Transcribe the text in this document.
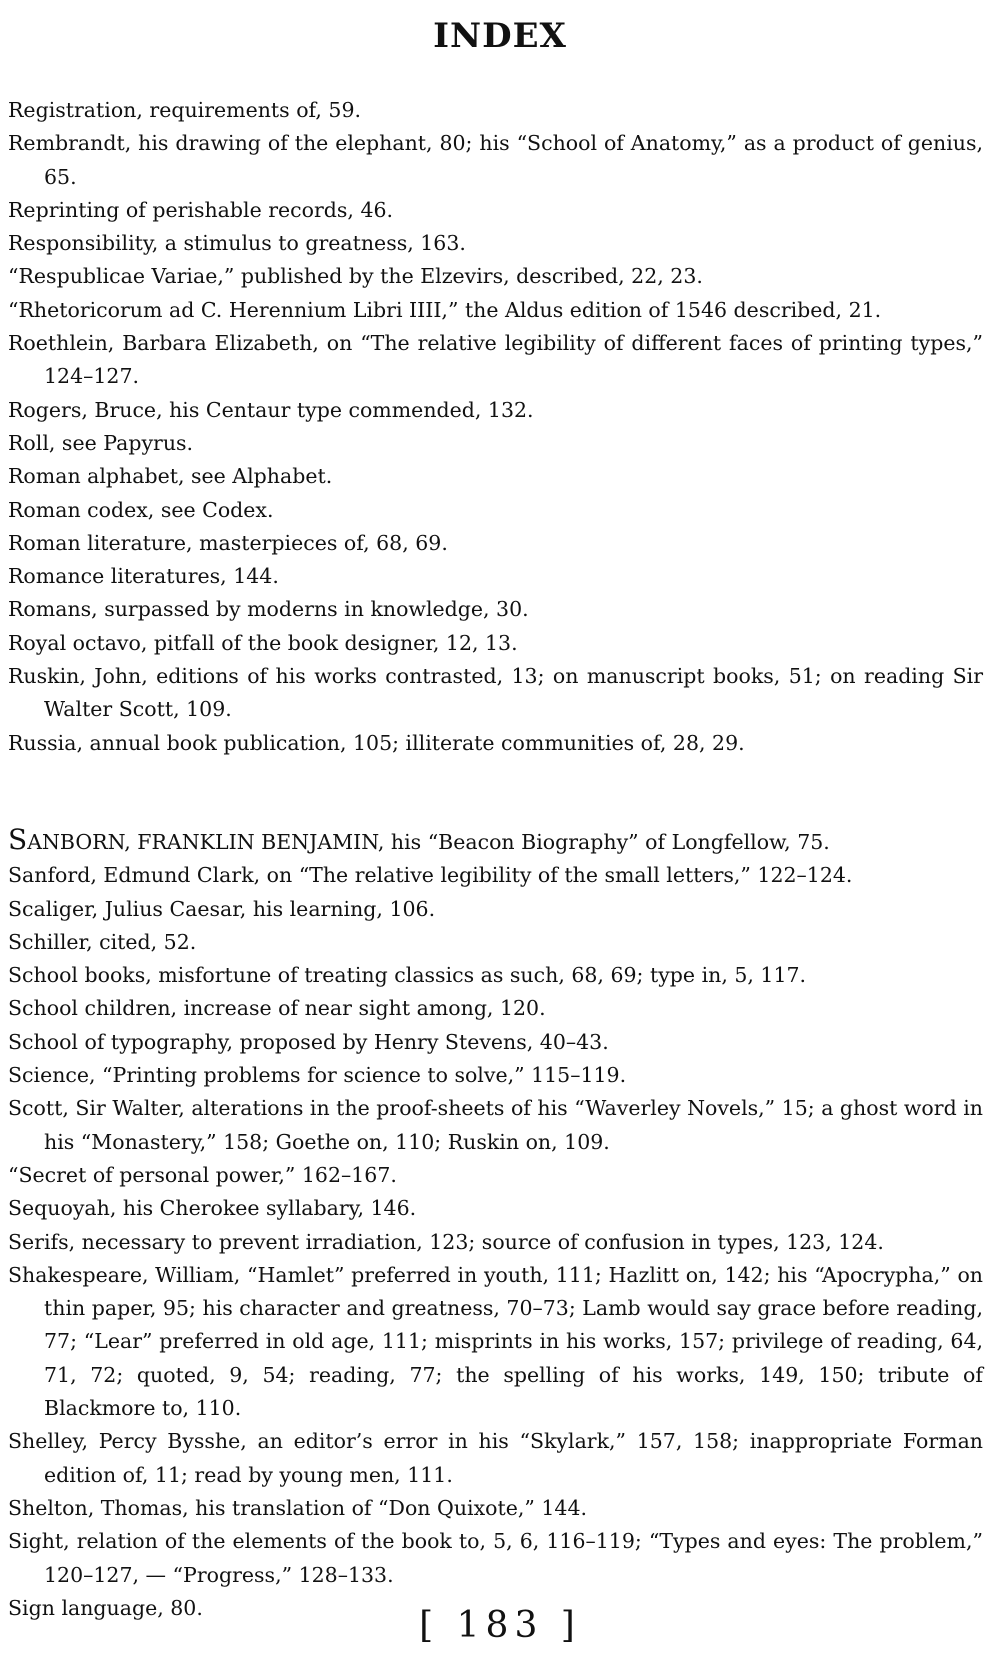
INDEX
Registration, requirements of, 59.
Rembrandt, his drawing of the elephant, 80; his “School of Anatomy,” as a product of genius, 65.
Reprinting of perishable records, 46.
Responsibility, a stimulus to greatness, 163.
“Respublicae Variae,” published by the Elzevirs, described, 22, 23.
“Rhetoricorum ad C. Herennium Libri IIII,” the Aldus edition of 1546 described, 21.
Roethlein, Barbara Elizabeth, on “The relative legibility of different faces of printing types,” 124–127.
Rogers, Bruce, his Centaur type commended, 132.
Roll, see Papyrus.
Roman alphabet, see Alphabet.
Roman codex, see Codex.
Roman literature, masterpieces of, 68, 69.
Romance literatures, 144.
Romans, surpassed by moderns in knowledge, 30.
Royal octavo, pitfall of the book designer, 12, 13.
Ruskin, John, editions of his works contrasted, 13; on manuscript books, 51; on reading Sir Walter Scott, 109.
Russia, annual book publication, 105; illiterate communities of, 28, 29.
SANBORN, FRANKLIN BENJAMIN, his “Beacon Biography” of Longfellow, 75.
Sanford, Edmund Clark, on “The relative legibility of the small letters,” 122–124.
Scaliger, Julius Caesar, his learning, 106.
Schiller, cited, 52.
School books, misfortune of treating classics as such, 68, 69; type in, 5, 117.
School children, increase of near sight among, 120.
School of typography, proposed by Henry Stevens, 40–43.
Science, “Printing problems for science to solve,” 115–119.
Scott, Sir Walter, alterations in the proof-sheets of his “Waverley Novels,” 15; a ghost word in his “Monastery,” 158; Goethe on, 110; Ruskin on, 109.
“Secret of personal power,” 162–167.
Sequoyah, his Cherokee syllabary, 146.
Serifs, necessary to prevent irradiation, 123; source of confusion in types, 123, 124.
Shakespeare, William, “Hamlet” preferred in youth, 111; Hazlitt on, 142; his “Apocrypha,” on thin paper, 95; his character and greatness, 70–73; Lamb would say grace before reading, 77; “Lear” preferred in old age, 111; misprints in his works, 157; privilege of reading, 64, 71, 72; quoted, 9, 54; reading, 77; the spelling of his works, 149, 150; tribute of Blackmore to, 110.
Shelley, Percy Bysshe, an editor’s error in his “Skylark,” 157, 158; inappropriate Forman edition of, 11; read by young men, 111.
Shelton, Thomas, his translation of “Don Quixote,” 144.
Sight, relation of the elements of the book to, 5, 6, 116–119; “Types and eyes: The problem,” 120–127, — “Progress,” 128–133.
Sign language, 80.	[ 183 ]
